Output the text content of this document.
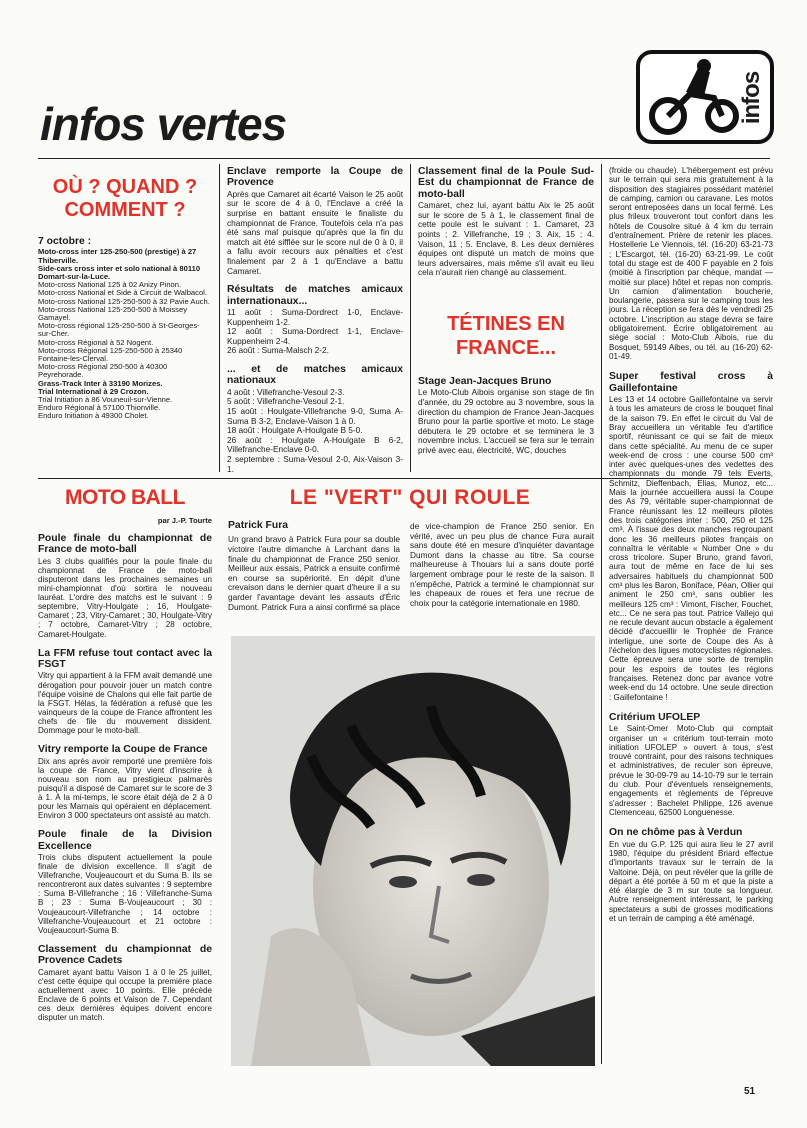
infos vertes	infos
OÙ ? QUAND ?
COMMENT ?
7 octobre :
Moto-cross inter 125-250-500 (prestige) à 27 Thiberville.
Side-cars cross inter et solo national à 80110 Domart-sur-la-Luce.
Moto-cross National 125 à 02 Anizy Pinon.
Moto-cross National et Side à Circuit de Walbacol.
Moto-cross National 125-250-500 à 32 Pavie Auch.
Moto-cross National 125-250-500 à Moissey Gamayel.
Moto-cross régional 125-250-500 à St-Georges-sur-Cher.
Moto-cross Régional à 52 Nogent.
Moto-cross Régional 125-250-500 à 25340 Fontaine-les-Clerval.
Moto-cross Régional 250-500 à 40300 Peyrehorade.
Grass-Track Inter à 33190 Morizes.
Trial International à 29 Crozon.
Trial Initiation à 86 Vouneuil-sur-Vienne.
Enduro Régional à 57100 Thionville.
Enduro Initiation à 49300 Cholet.
Enclave remporte la Coupe de Provence

Après que Camaret ait écarté Vaison le 25 août sur le score de 4 à 0, l'Enclave a créé la surprise en battant ensuite le finaliste du championnat de France. Toutefois cela n'a pas été sans mal puisque qu'après que la fin du match ait été sifflée sur le score nul de 0 à 0, il a fallu avoir recours aux pénalties et c'est finalement par 2 à 1 qu'Enclave a battu Camaret.

Résultats de matches amicaux internationaux...
11 août : Suma-Dordrect 1-0, Enclave-Kuppenheim 1-2.
12 août : Suma-Dordrect 1-1, Enclave-Kuppenheim 2-4.
26 août : Suma-Malsch 2-2.
... et de matches amicaux nationaux
4 août : Villefranche-Vesoul 2-3.
5 août : Villefranche-Vesoul 2-1.
15 août : Houlgate-Villefranche 9-0, Suma A- Suma B 3-2, Enclave-Vaison 1 à 0.
18 août : Houlgate A-Houlgate B 5-0.
26 août : Houlgate A-Houlgate B 6-2, Villefranche-Enclave 0-0.
2 septembre : Suma-Vesoul 2-0, Aix-Vaison 3-1.
Classement final de la Poule Sud-Est du championnat de France de moto-ball

Camaret, chez lui, ayant battu Aix le 25 août sur le score de 5 à 1, le classement final de cette poule est le suivant : 1. Camaret, 23 points ; 2. Villefranche, 19 ; 3. Aix, 15 ; 4. Vaison, 11 ; 5. Enclave, 8. Les deux dernières équipes ont disputé un match de moins que leurs adversaires, mais même s'il avait eu lieu cela n'aurait rien changé au classement.

TÉTINES EN
FRANCE...
Stage Jean-Jacques Bruno

Le Moto-Club Aibois organise son stage de fin d'année, du 29 octobre au 3 novembre, sous la direction du champion de France Jean-Jacques Bruno pour la partie sportive et moto. Le stage débutera le 29 octobre et se terminera le 3 novembre inclus. L'accueil se fera sur le terrain privé avec eau, électricité, WC, douches

(froide ou chaude). L'hébergement est prévu sur le terrain qui sera mis gratuitement à la disposition des stagiaires possédant matériel de camping, camion ou caravane. Les motos seront entreposées dans un local fermé. Les plus frileux trouveront tout confort dans les hôtels de Cousolre situé à 4 km du terrain d'entraînement. Prière de retenir les places. Hostellerie Le Viennois, tél. (16-20) 63-21-73 ; L'Escargot, tél. (16-20) 63-21-99. Le coût total du stage est de 400 F payable en 2 fois (moitié à l'inscription par chèque, mandat — moitié sur place) hôtel et repas non compris. Un camion d'alimentation boucherie, boulangerie, passera sur le camping tous les jours. La réception se fera dès le vendredi 25 octobre. L'inscription au stage devra se faire obligatoirement. Écrire obligatoirement au siège social : Moto-Club Aibois, rue du Bosquet, 59149 Aibes, ou tél. au (16-20) 62-01-49.

Super festival cross à Gaillefontaine

Les 13 et 14 octobre Gaillefontaine va servir à tous les amateurs de cross le bouquet final de la saison 79. En effet le circuit du Val de Bray accueillera un véritable feu d'artifice sportif, réunissant ce qui se fait de mieux dans cette spécialité. Au menu de ce super week-end de cross : une course 500 cm³ inter avec quelques-unes des vedettes des championnats du monde 79 tels Everts, Schmitz, Dieffenbach, Elias, Munoz, etc... Mais la journée accueillera aussi la Coupe des As 79, véritable super-championnat de France réunissant les 12 meilleurs pilotes des trois catégories inter : 500, 250 et 125 cm³. À l'issue des deux manches regroupant donc les 36 meilleurs pilotes français on connaîtra le véritable « Number One » du cross tricolore. Super Bruno, grand favori, aura tout de même en face de lui ses adversaires habituels du championnat 500 cm³ plus les Baron, Boniface, Péan, Ollier qui animent le 250 cm³, sans oublier les meilleurs 125 cm³ : Vimont, Fischer, Fouchet, etc... Ce ne sera pas tout. Patrice Vallejo qui ne recule devant aucun obstacle a également décidé d'accueillir le Trophée de France interligue, une sorte de Coupe des As à l'échelon des ligues motocyclistes régionales. Cette épreuve sera une sorte de tremplin pour les espoirs de toutes les régions françaises. Retenez donc par avance votre week-end du 14 octobre. Une seule direction : Gaillefontaine !

Critérium UFOLEP

Le Saint-Omer Moto-Club qui comptait organiser un « critérium tout-terrain moto initiation UFOLEP » ouvert à tous, s'est trouvé contraint, pour des raisons techniques et administratives, de reculer son épreuve, prévue le 30-09-79 au 14-10-79 sur le terrain du club. Pour d'éventuels renseignements, engagements et règlements de l'épreuve s'adresser : Bachelet Philippe, 126 avenue Clemenceau, 62500 Longuenesse.

On ne chôme pas à Verdun

En vue du G.P. 125 qui aura lieu le 27 avril 1980, l'équipe du président Briard effectue d'importants travaux sur le terrain de la Valtoine. Déjà, on peut révéler que la grille de départ a été portée à 50 m et que la piste a été élargie de 3 m sur toute sa longueur. Autre renseignement intéressant, le parking spectateurs a subi de grosses modifications et un terrain de camping a été aménagé.

MOTO BALL
par J.-P. Tourte
Poule finale du championnat de France de moto-ball

Les 3 clubs qualifiés pour la poule finale du championnat de France de moto-ball disputeront dans les prochaines semaines un mini-championnat d'où sortira le nouveau lauréat. L'ordre des matchs est le suivant : 9 septembre, Vitry-Houlgate ; 16, Houlgate-Camaret ; 23, Vitry-Camaret ; 30, Houlgate-Vitry ; 7 octobre, Camaret-Vitry ; 28 octobre, Camaret-Houlgate.

La FFM refuse tout contact avec la FSGT

Vitry qui appartient à la FFM avait demandé une dérogation pour pouvoir jouer un match contre l'équipe voisine de Chalons qui elle fait partie de la FSGT. Hélas, la fédération a refusé que les vainqueurs de la coupe de France affrontent les chefs de file du mouvement dissident. Dommage pour le moto-ball.

Vitry remporte la Coupe de France

Dix ans après avoir remporté une première fois la coupe de France, Vitry vient d'inscrire à nouveau son nom au prestigieux palmarès puisqu'il a disposé de Camaret sur le score de 3 à 1. À la mi-temps, le score était déjà de 2 à 0 pour les Marnais qui opéraient en déplacement. Environ 3 000 spectateurs ont assisté au match.

Poule finale de la Division Excellence

Trois clubs disputent actuellement la poule finale de division excellence. Il s'agit de Villefranche, Voujeaucourt et du Suma B. Ils se rencontreront aux dates suivantes : 9 septembre : Suma B-Villefranche ; 16 : Villefranche-Suma B ; 23 : Suma B-Voujeaucourt ; 30 : Voujeaucourt-Villefranche ; 14 octobre : Villefranche-Voujeaucourt et 21 octobre : Voujeaucourt-Suma B.

Classement du championnat de Provence Cadets

Camaret ayant battu Vaison 1 à 0 le 25 juillet, c'est cette équipe qui occupe la première place actuellement avec 10 points. Elle précède Enclave de 6 points et Vaison de 7. Cependant ces deux dernières équipes doivent encore disputer un match.

LE "VERT" QUI ROULE
Patrick Fura

Un grand bravo à Patrick Fura pour sa double victoire l'autre dimanche à Larchant dans la finale du championnat de France 250 senior. Meilleur aux essais, Patrick a ensuite confirmé en course sa supériorité. En dépit d'une crevaison dans le dernier quart d'heure il a su garder l'avantage devant les assauts d'Éric Dumont. Patrick Fura a ainsi confirmé sa place

de vice-champion de France 250 senior. En vérité, avec un peu plus de chance Fura aurait sans doute été en mesure d'inquiéter davantage Dumont dans la chasse au titre. Sa course malheureuse à Thouars lui a sans doute porté largement ombrage pour le reste de la saison. Il n'empêche, Patrick a terminé le championnat sur les chapeaux de roues et fera une recrue de choix pour la catégorie internationale en 1980.

51
